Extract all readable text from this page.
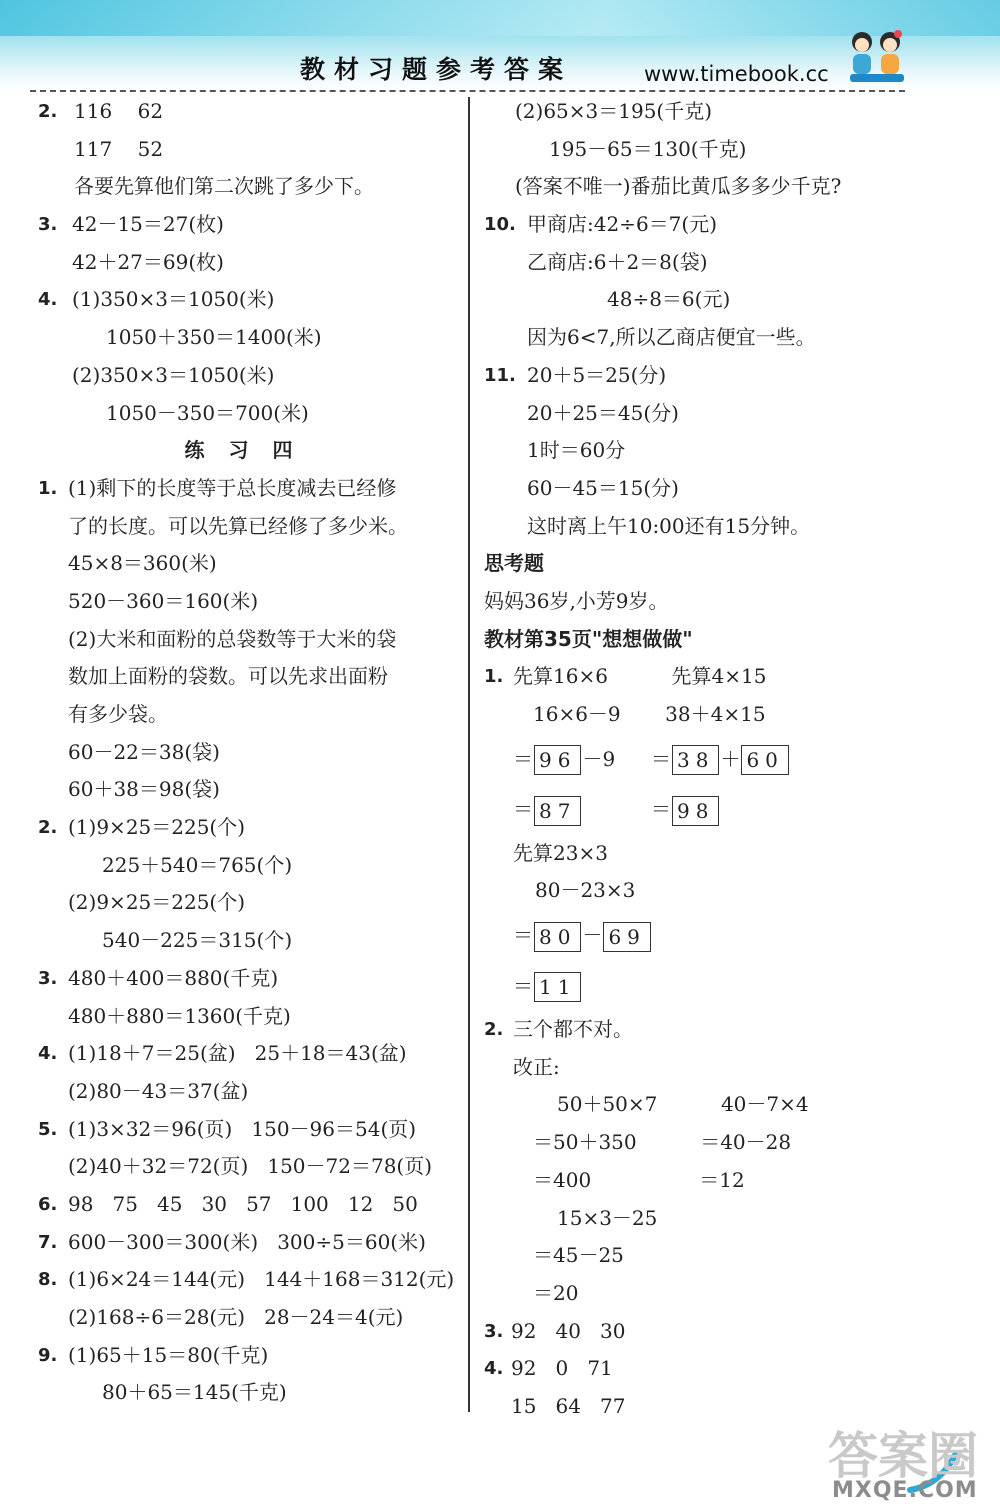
教材习题参考答案	www.timebook.cc
2. 116    62
117    52
各要先算他们第二次跳了多少下。
3. 42－15＝27(枚)
42＋27＝69(枚)
4. (1)350×3＝1050(米)
1050＋350＝1400(米)
(2)350×3＝1050(米)
1050－350＝700(米)
练习四
1. (1)剩下的长度等于总长度减去已经修
了的长度。可以先算已经修了多少米。
45×8＝360(米)
520－360＝160(米)
(2)大米和面粉的总袋数等于大米的袋
数加上面粉的袋数。可以先求出面粉
有多少袋。
60－22＝38(袋)
60＋38＝98(袋)
2. (1)9×25＝225(个)
225＋540＝765(个)
(2)9×25＝225(个)
540－225＝315(个)
3. 480＋400＝880(千克)
480＋880＝1360(千克)
4. (1)18＋7＝25(盆)   25＋18＝43(盆)
(2)80－43＝37(盆)
5. (1)3×32＝96(页)   150－96＝54(页)
(2)40＋32＝72(页)   150－72＝78(页)
6. 98   75   45   30   57   100   12   50
7. 600－300＝300(米)   300÷5＝60(米)
8. (1)6×24＝144(元)   144＋168＝312(元)
(2)168÷6＝28(元)   28－24＝4(元)
9. (1)65＋15＝80(千克)
80＋65＝145(千克)
(2)65×3＝195(千克)
195－65＝130(千克)
(答案不唯一)番茄比黄瓜多多少千克?
10. 甲商店:42÷6＝7(元)
乙商店:6＋2＝8(袋)
48÷8＝6(元)
因为6<7,所以乙商店便宜一些。
11. 20＋5＝25(分)
20＋25＝45(分)
1时＝60分
60－45＝15(分)
这时离上午10:00还有15分钟。
思考题
妈妈36岁,小芳9岁。
教材第35页"想想做做"
1. 先算16×6          先算4×15
16×6－9       38＋4×15

＝ 96 －9

＝ 38 ＋ 60

＝ 87

	＝ 98

先算23×3
80－23×3

＝ 80 － 69

＝ 11

2. 三个都不对。
改正:
50＋50×7          40－7×4
＝50＋350          ＝40－28
＝400                 ＝12
15×3－25
＝45－25
＝20
3. 92   40   30
4. 92   0   71
15   64   77
答案圈
MXQE.COM
